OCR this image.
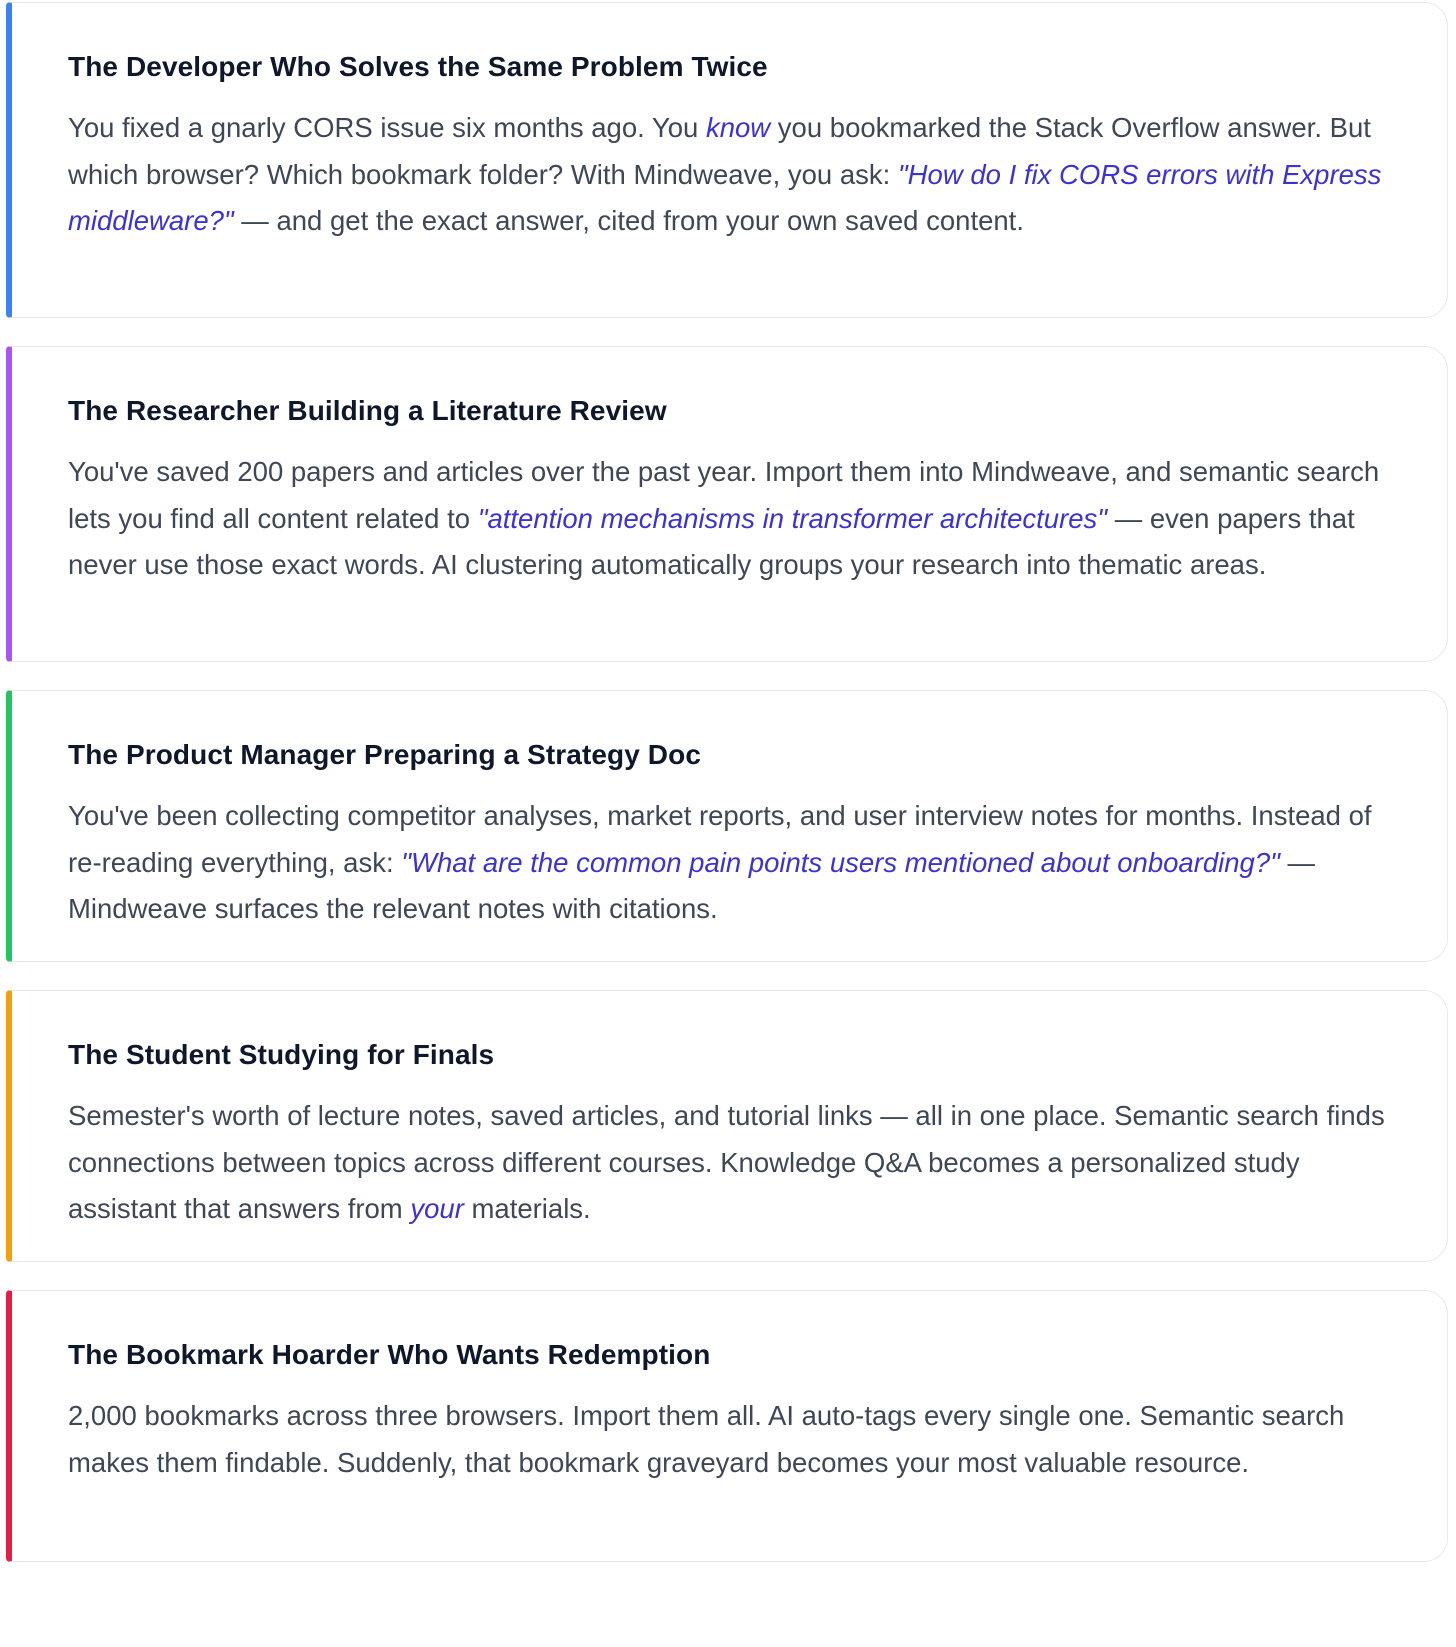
The Developer Who Solves the Same Problem Twice

You fixed a gnarly CORS issue six months ago. You know you bookmarked the Stack Overflow answer. But which browser? Which bookmark folder? With Mindweave, you ask: "How do I fix CORS errors with Express middleware?" — and get the exact answer, cited from your own saved content.

The Researcher Building a Literature Review

You've saved 200 papers and articles over the past year. Import them into Mindweave, and semantic search lets you find all content related to "attention mechanisms in transformer architectures" — even papers that never use those exact words. AI clustering automatically groups your research into thematic areas.

The Product Manager Preparing a Strategy Doc

You've been collecting competitor analyses, market reports, and user interview notes for months. Instead of re-reading everything, ask: "What are the common pain points users mentioned about onboarding?" — Mindweave surfaces the relevant notes with citations.

The Student Studying for Finals

Semester's worth of lecture notes, saved articles, and tutorial links — all in one place. Semantic search finds connections between topics across different courses. Knowledge Q&A becomes a personalized study assistant that answers from your materials.

The Bookmark Hoarder Who Wants Redemption

2,000 bookmarks across three browsers. Import them all. AI auto-tags every single one. Semantic search makes them findable. Suddenly, that bookmark graveyard becomes your most valuable resource.
